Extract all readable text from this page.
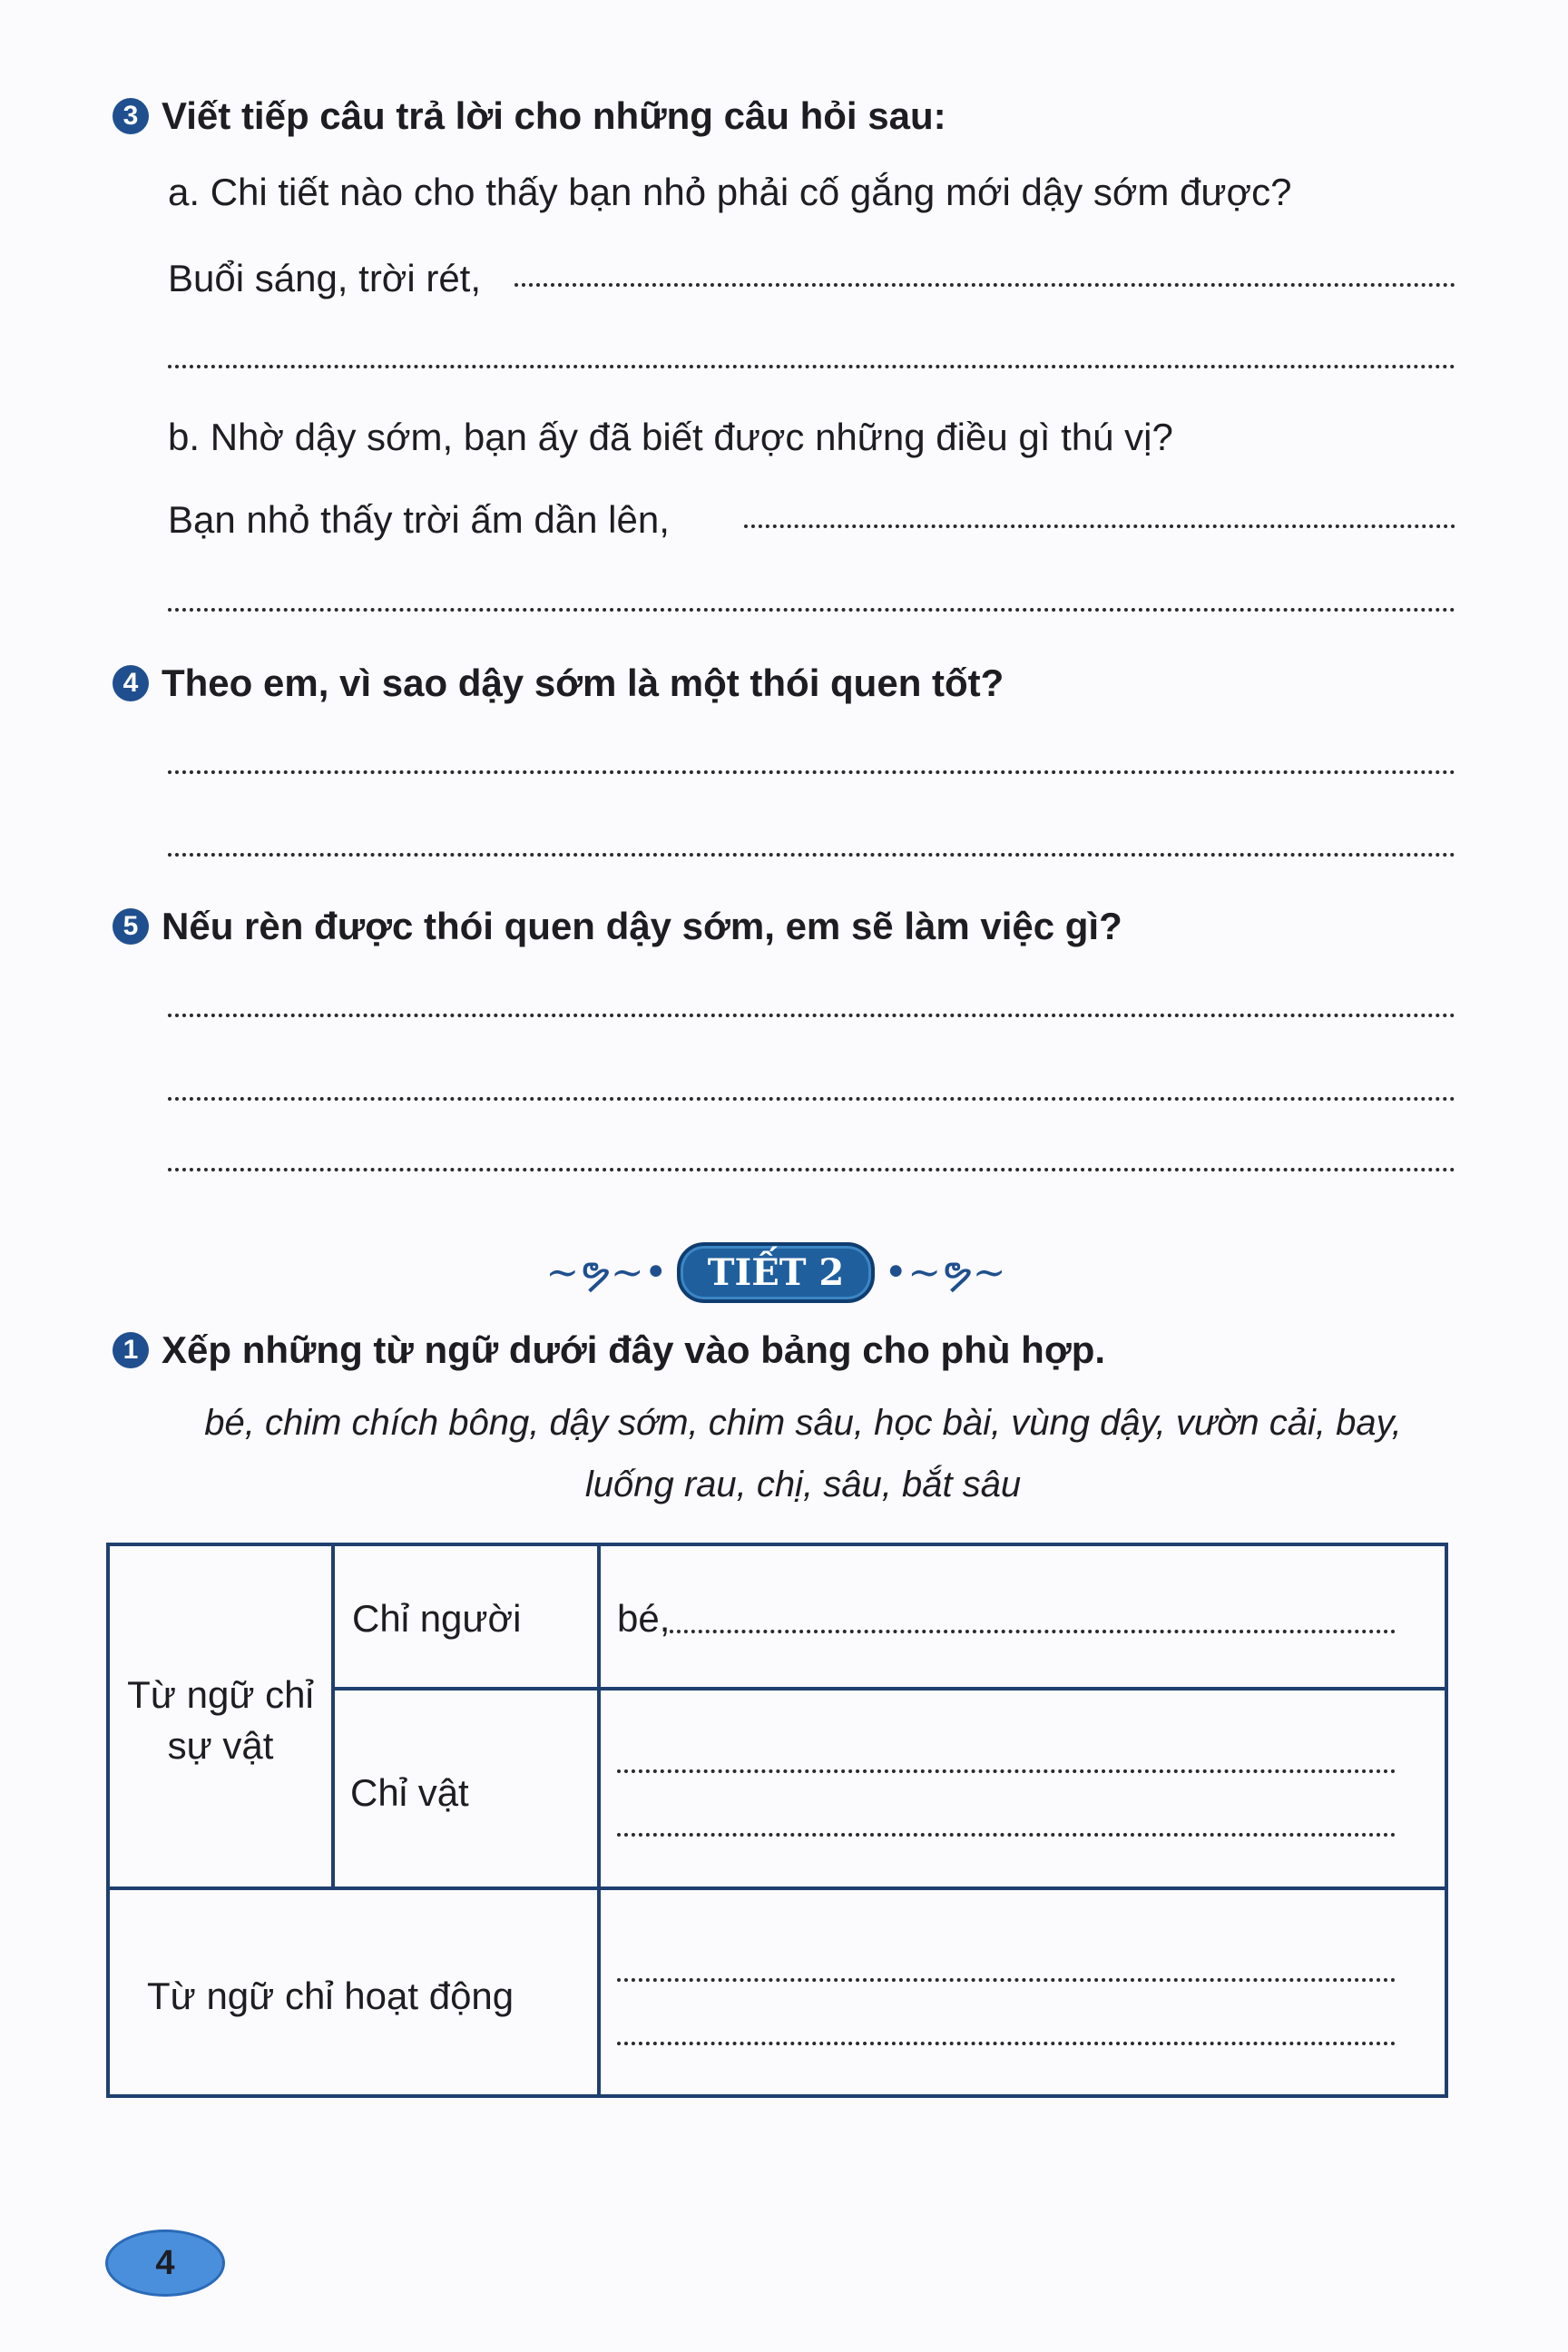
3 Viết tiếp câu trả lời cho những câu hỏi sau:
a. Chi tiết nào cho thấy bạn nhỏ phải cố gắng mới dậy sớm được?
Buổi sáng, trời rét,
b. Nhờ dậy sớm, bạn ấy đã biết được những điều gì thú vị?
Bạn nhỏ thấy trời ấm dần lên,
4 Theo em, vì sao dậy sớm là một thói quen tốt?
5 Nếu rèn được thói quen dậy sớm, em sẽ làm việc gì?
~ຯ~•	TIẾT 2	•~ຯ~
1 Xếp những từ ngữ dưới đây vào bảng cho phù hợp.
bé, chim chích bông, dậy sớm, chim sâu, học bài, vùng dậy, vườn cải, bay,
luống rau, chị, sâu, bắt sâu
Từ ngữ chỉ sự vật
Chỉ người	bé,
Chỉ vật
Từ ngữ chỉ hoạt động
4
